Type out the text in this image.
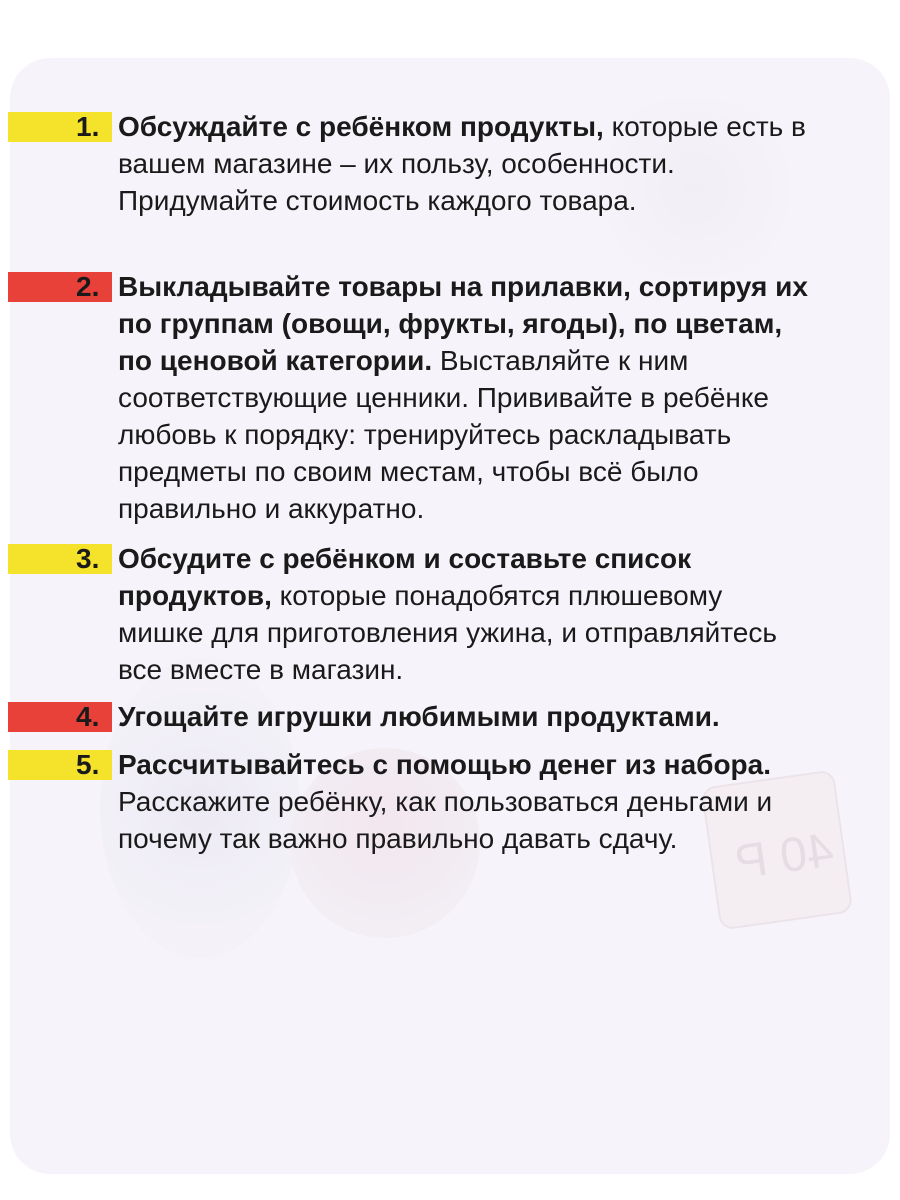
40 Р
1. Обсуждайте с ребёнком продукты, которые есть в вашем магазине – их пользу, особенности. Придумайте стоимость каждого товара.
2. Выкладывайте товары на прилавки, сортируя их по группам (овощи, фрукты, ягоды), по цветам, по ценовой категории. Выставляйте к ним соответствующие ценники. Прививайте в ребёнке любовь к порядку: тренируйтесь раскладывать предметы по своим местам, чтобы всё было правильно и аккуратно.
3. Обсудите с ребёнком и составьте список продуктов, которые понадобятся плюшевому мишке для приготовления ужина, и отправляйтесь все вместе в магазин.
4. Угощайте игрушки любимыми продуктами.
5. Рассчитывайтесь с помощью денег из набора. Расскажите ребёнку, как пользоваться деньгами и почему так важно правильно давать сдачу.
